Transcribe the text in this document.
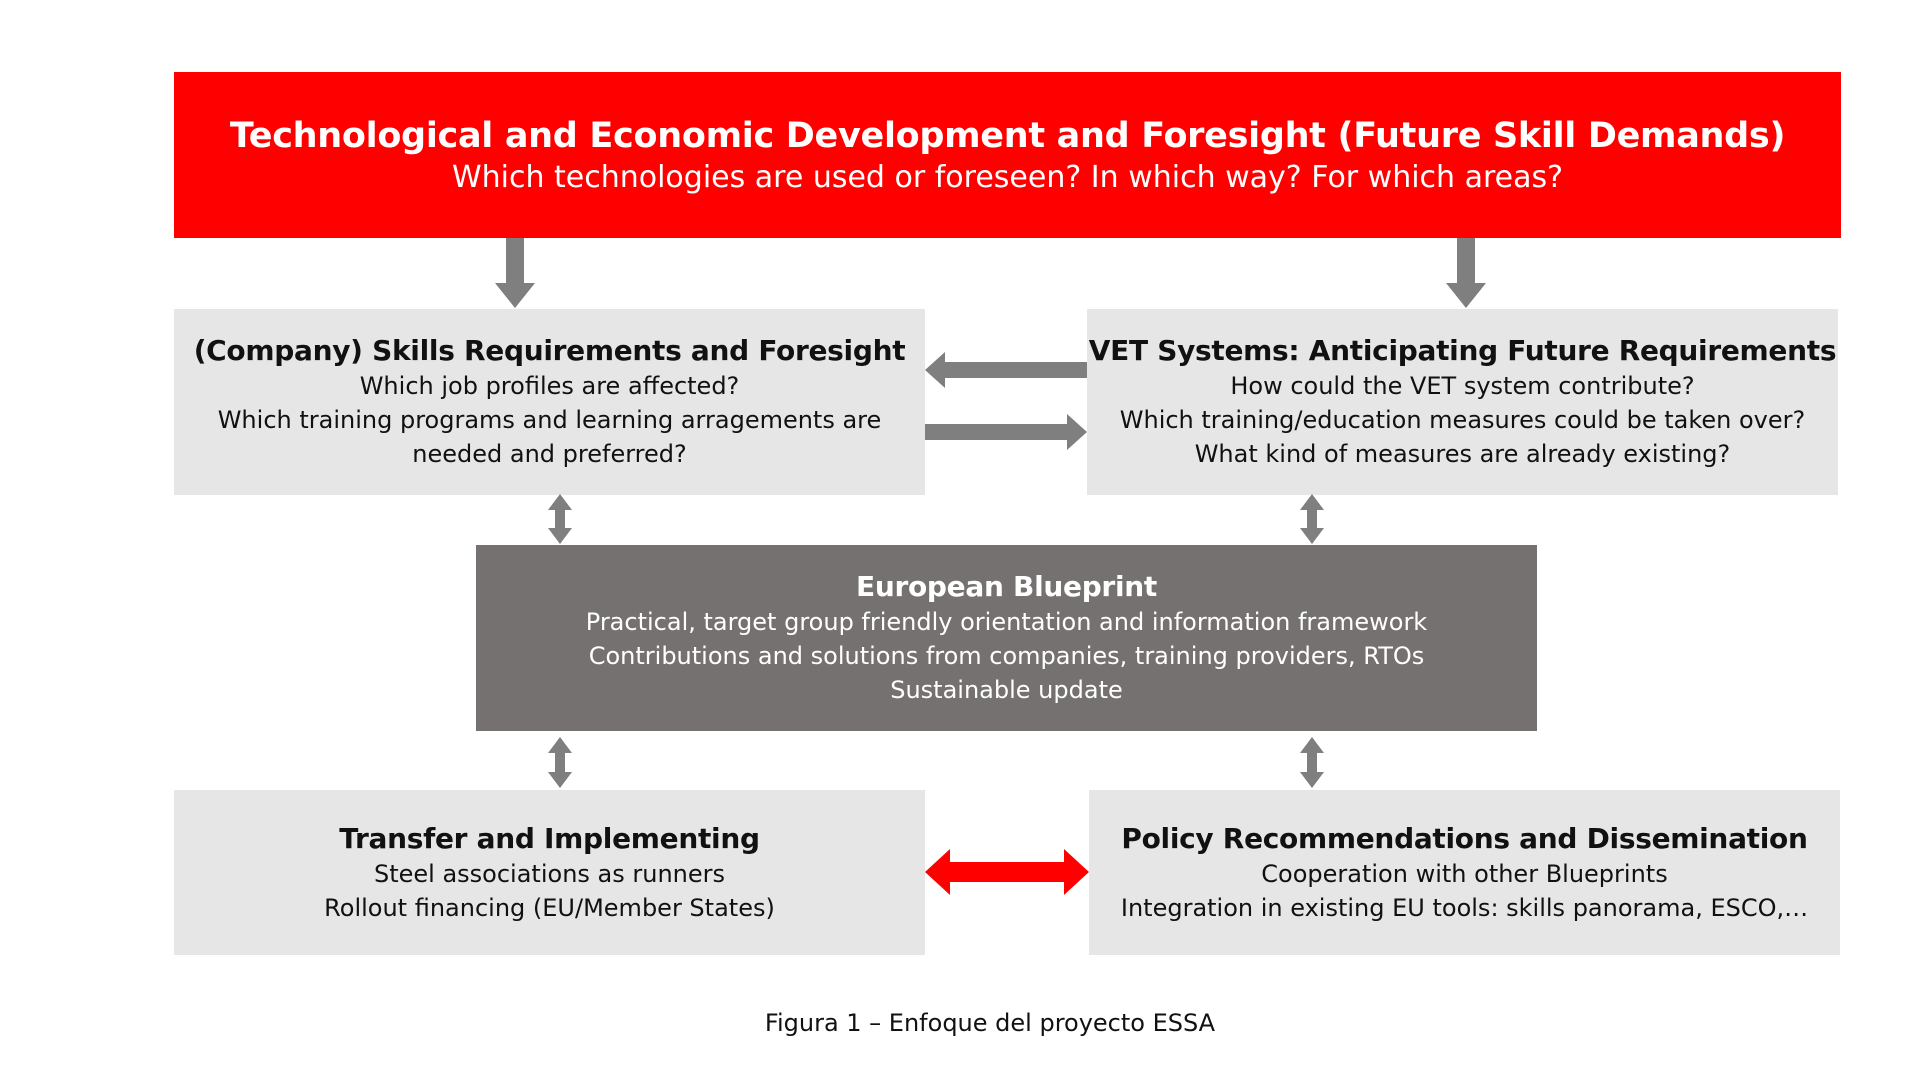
Technological and Economic Development and Foresight (Future Skill Demands)
Which technologies are used or foreseen? In which way? For which areas?
(Company) Skills Requirements and Foresight
Which job profiles are affected?
Which training programs and learning arragements are
needed and preferred?
VET Systems: Anticipating Future Requirements
How could the VET system contribute?
Which training/education measures could be taken over?
What kind of measures are already existing?
European Blueprint
Practical, target group friendly orientation and information framework
Contributions and solutions from companies, training providers, RTOs
Sustainable update
Transfer and Implementing
Steel associations as runners
Rollout financing (EU/Member States)
Policy Recommendations and Dissemination
Cooperation with other Blueprints
Integration in existing EU tools: skills panorama, ESCO,…
Figura 1 – Enfoque del proyecto ESSA
